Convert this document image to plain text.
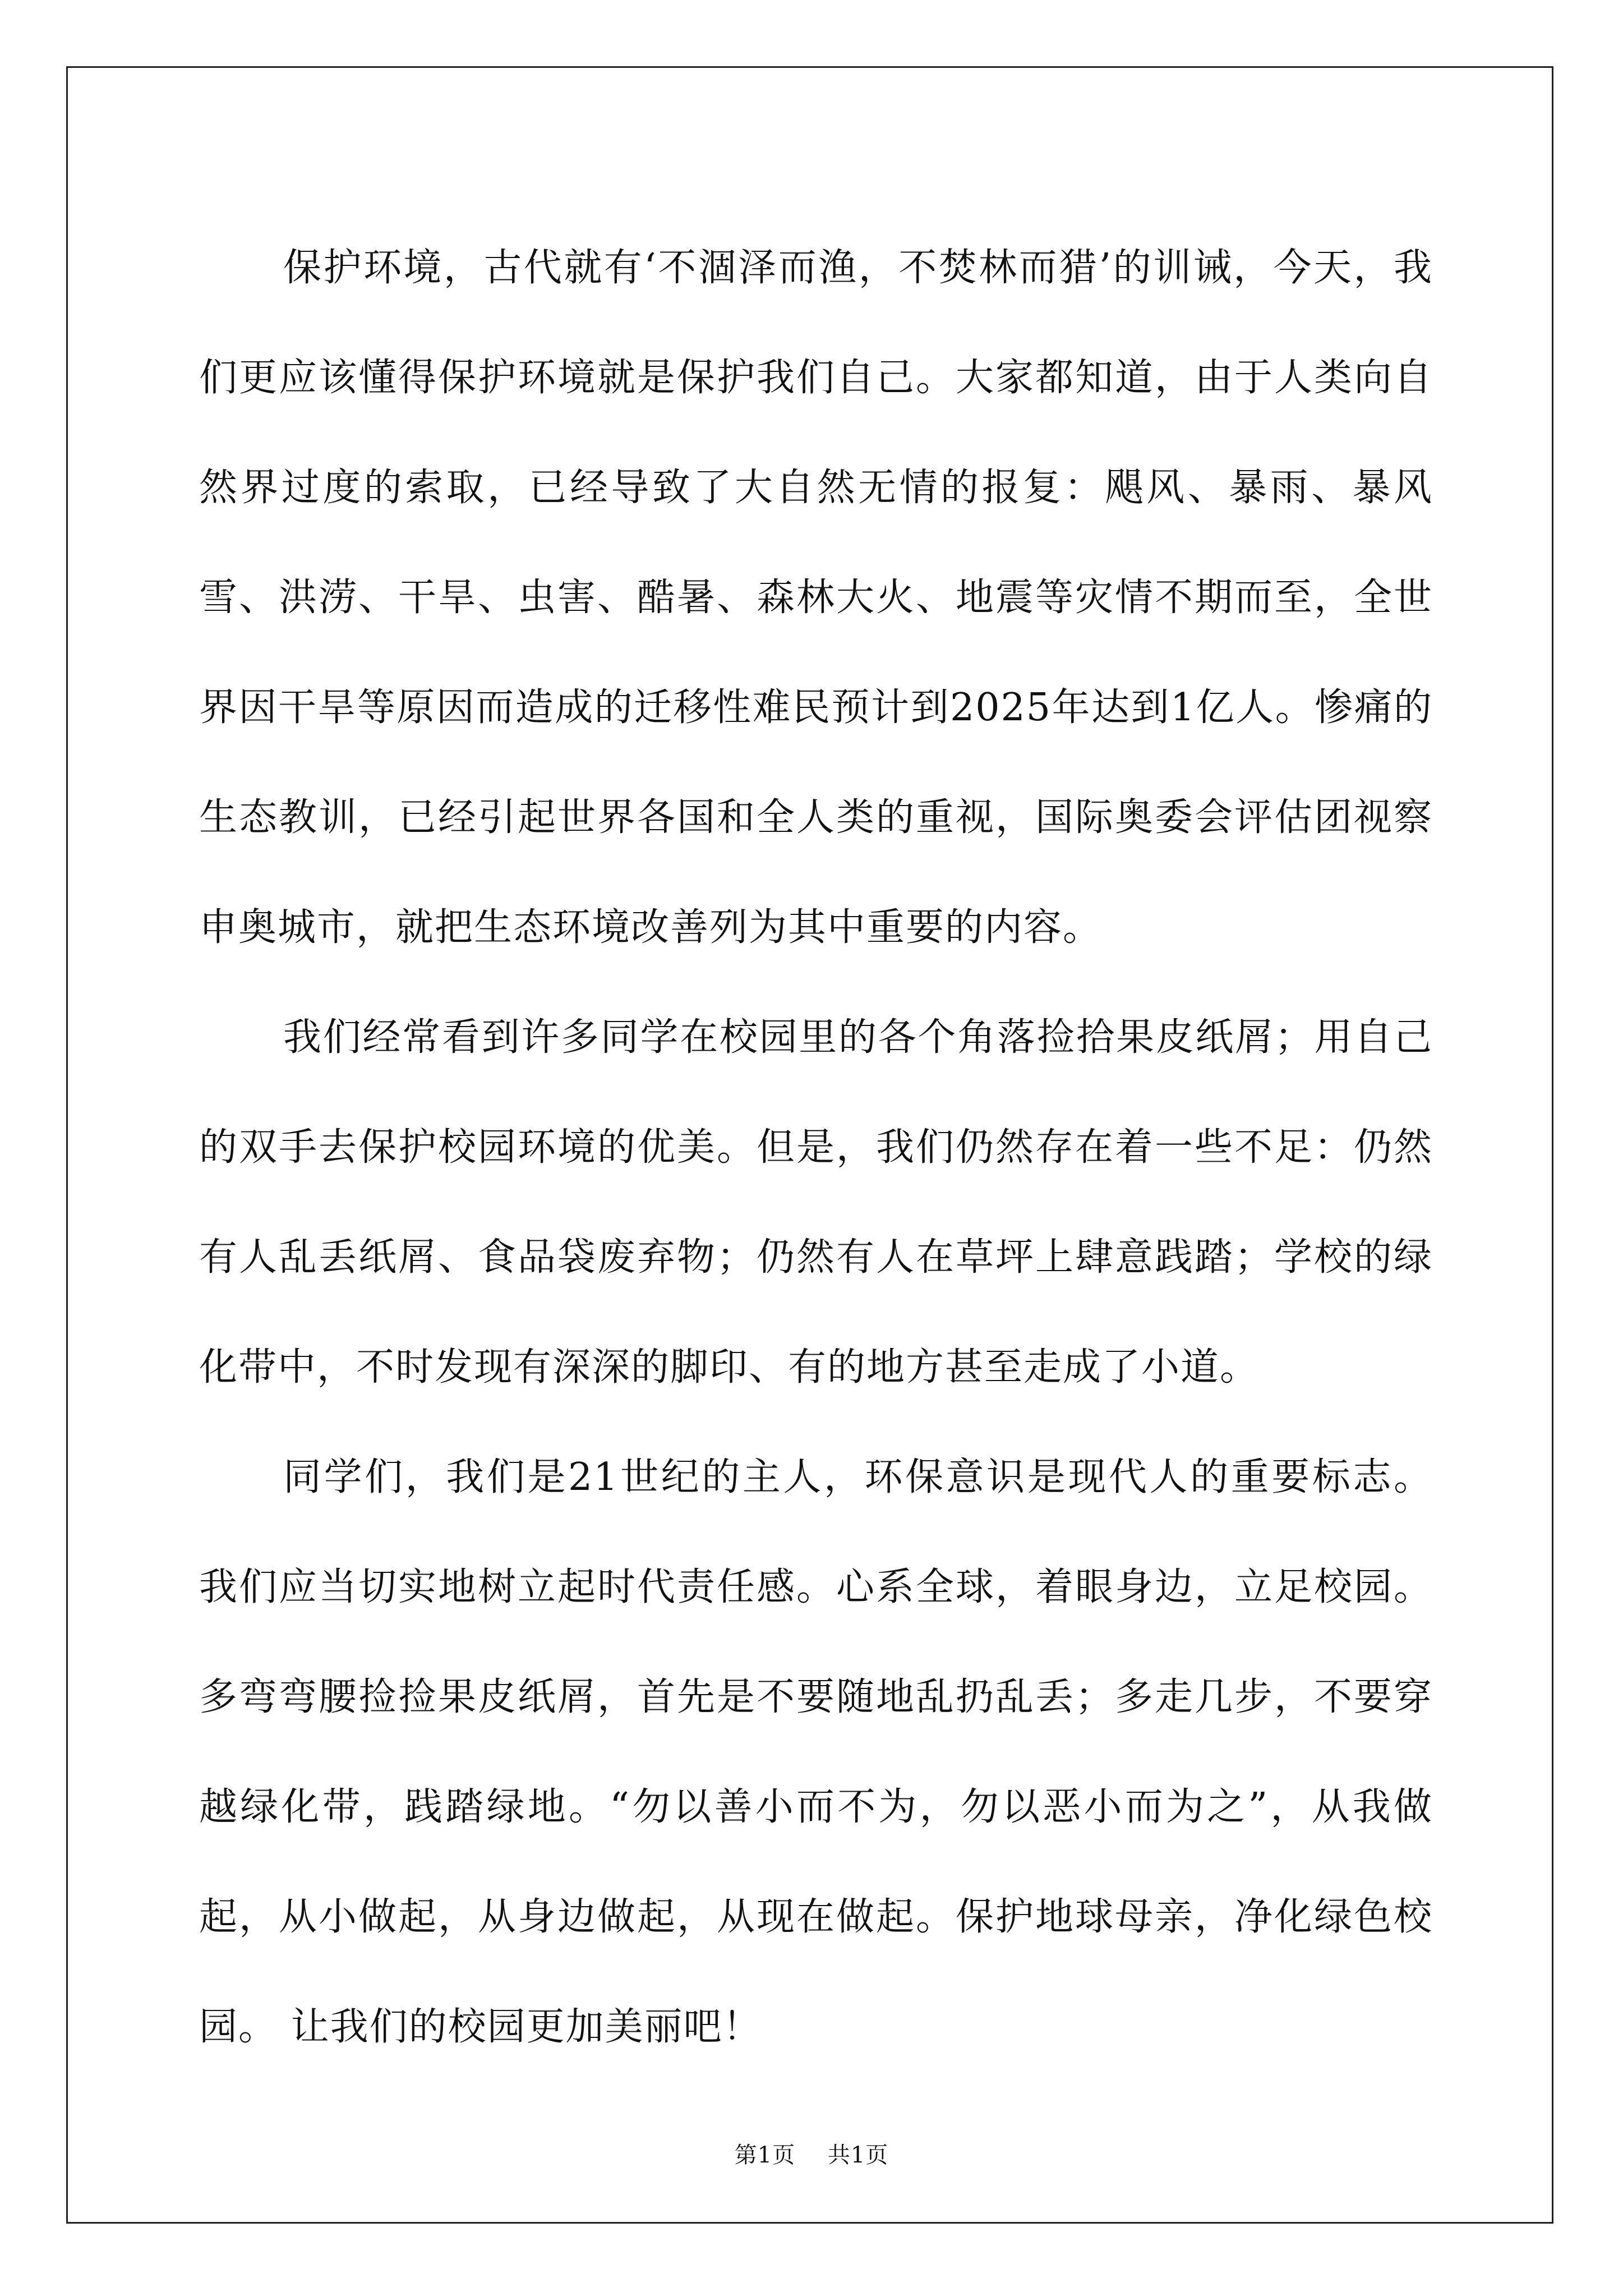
保护环境，古代就有‘不涸泽而渔，不焚林而猎’的训诫，今天，我们更应该懂得保护环境就是保护我们自己。大家都知道，由于人类向自然界过度的索取，已经导致了大自然无情的报复：飓风、暴雨、暴风雪、洪涝、干旱、虫害、酷暑、森林大火、地震等灾情不期而至，全世界因干旱等原因而造成的迁移性难民预计到2025年达到1亿人。惨痛的生态教训，已经引起世界各国和全人类的重视，国际奥委会评估团视察申奥城市，就把生态环境改善列为其中重要的内容。

我们经常看到许多同学在校园里的各个角落捡拾果皮纸屑；用自己的双手去保护校园环境的优美。但是，我们仍然存在着一些不足：仍然有人乱丢纸屑、食品袋废弃物；仍然有人在草坪上肆意践踏；学校的绿化带中，不时发现有深深的脚印、有的地方甚至走成了小道。

同学们，我们是21世纪的主人，环保意识是现代人的重要标志。我们应当切实地树立起时代责任感。心系全球，着眼身边，立足校园。多弯弯腰捡捡果皮纸屑，首先是不要随地乱扔乱丢；多走几步，不要穿越绿化带，践踏绿地。“勿以善小而不为，勿以恶小而为之”，从我做起，从小做起，从身边做起，从现在做起。保护地球母亲，净化绿色校园。 让我们的校园更加美丽吧！

第1页 共1页
